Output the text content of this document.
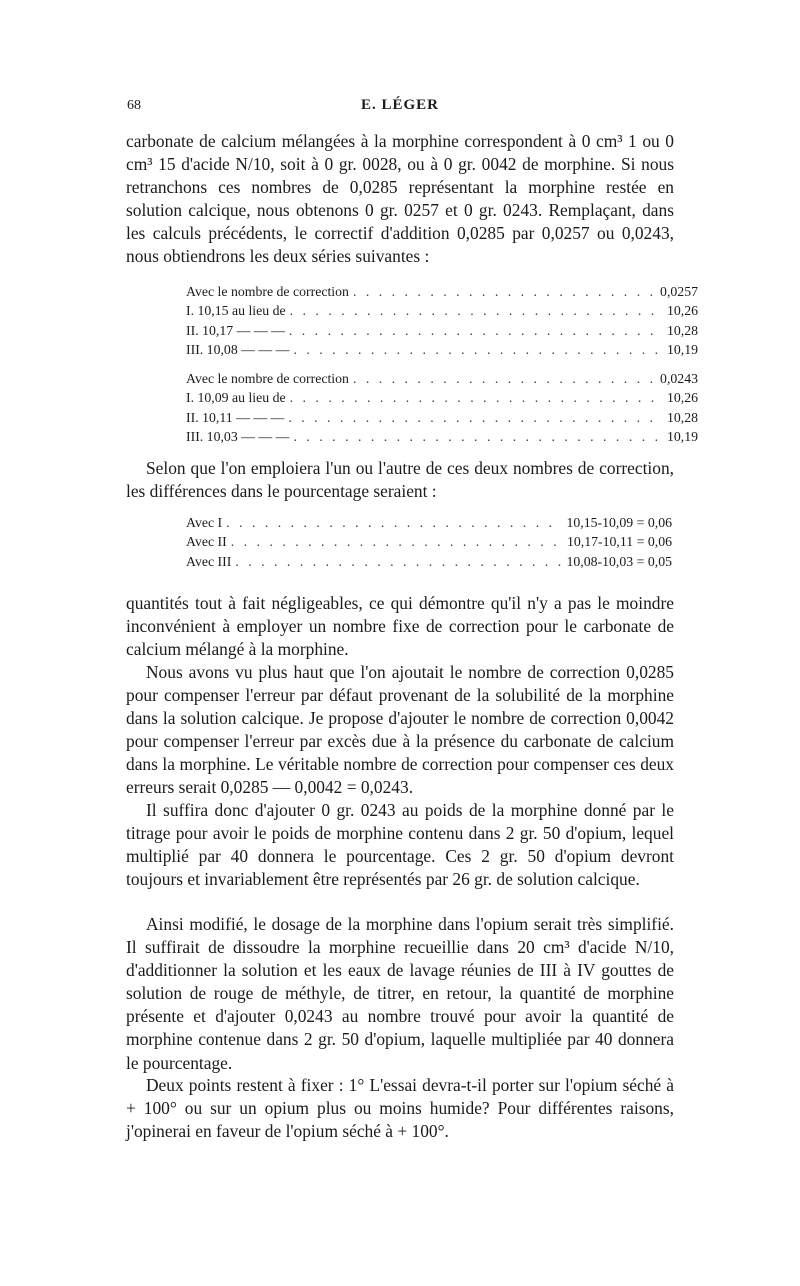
68	E. LÉGER

carbonate de calcium mélangées à la morphine correspondent à 0 cm³ 1 ou 0 cm³ 15 d'acide N/10, soit à 0 gr. 0028, ou à 0 gr. 0042 de morphine. Si nous retranchons ces nombres de 0,0285 représentant la morphine restée en solution calcique, nous obtenons 0 gr. 0257 et 0 gr. 0243. Remplaçant, dans les calculs précédents, le correctif d'addition 0,0285 par 0,0257 ou 0,0243, nous obtiendrons les deux séries suivantes :

Avec le nombre de correction . . .	0,0257
I. 10,15 au lieu de . . .	10,26
II. 10,17 — — — . . .	10,28
III. 10,08 — — — . . .	10,19
Avec le nombre de correction . . .	0,0243
I. 10,09 au lieu de . . .	10,26
II. 10,11 — — — . . .	10,28
III. 10,03 — — — . . .	10,19

Selon que l'on emploiera l'un ou l'autre de ces deux nombres de correction, les différences dans le pourcentage seraient :

Avec I . . .	10,15-10,09 = 0,06
Avec II . . .	10,17-10,11 = 0,06
Avec III . . .	10,08-10,03 = 0,05

quantités tout à fait négligeables, ce qui démontre qu'il n'y a pas le moindre inconvénient à employer un nombre fixe de correction pour le carbonate de calcium mélangé à la morphine.

Nous avons vu plus haut que l'on ajoutait le nombre de correction 0,0285 pour compenser l'erreur par défaut provenant de la solubilité de la morphine dans la solution calcique. Je propose d'ajouter le nombre de correction 0,0042 pour compenser l'erreur par excès due à la présence du carbonate de calcium dans la morphine. Le véritable nombre de correction pour compenser ces deux erreurs serait 0,0285 — 0,0042 = 0,0243.

Il suffira donc d'ajouter 0 gr. 0243 au poids de la morphine donné par le titrage pour avoir le poids de morphine contenu dans 2 gr. 50 d'opium, lequel multiplié par 40 donnera le pourcentage. Ces 2 gr. 50 d'opium devront toujours et invariablement être représentés par 26 gr. de solution calcique.

Ainsi modifié, le dosage de la morphine dans l'opium serait très simplifié. Il suffirait de dissoudre la morphine recueillie dans 20 cm³ d'acide N/10, d'additionner la solution et les eaux de lavage réunies de III à IV gouttes de solution de rouge de méthyle, de titrer, en retour, la quantité de morphine présente et d'ajouter 0,0243 au nombre trouvé pour avoir la quantité de morphine contenue dans 2 gr. 50 d'opium, laquelle multipliée par 40 donnera le pourcentage.

Deux points restent à fixer : 1° L'essai devra-t-il porter sur l'opium séché à + 100° ou sur un opium plus ou moins humide? Pour différentes raisons, j'opinerai en faveur de l'opium séché à + 100°.
